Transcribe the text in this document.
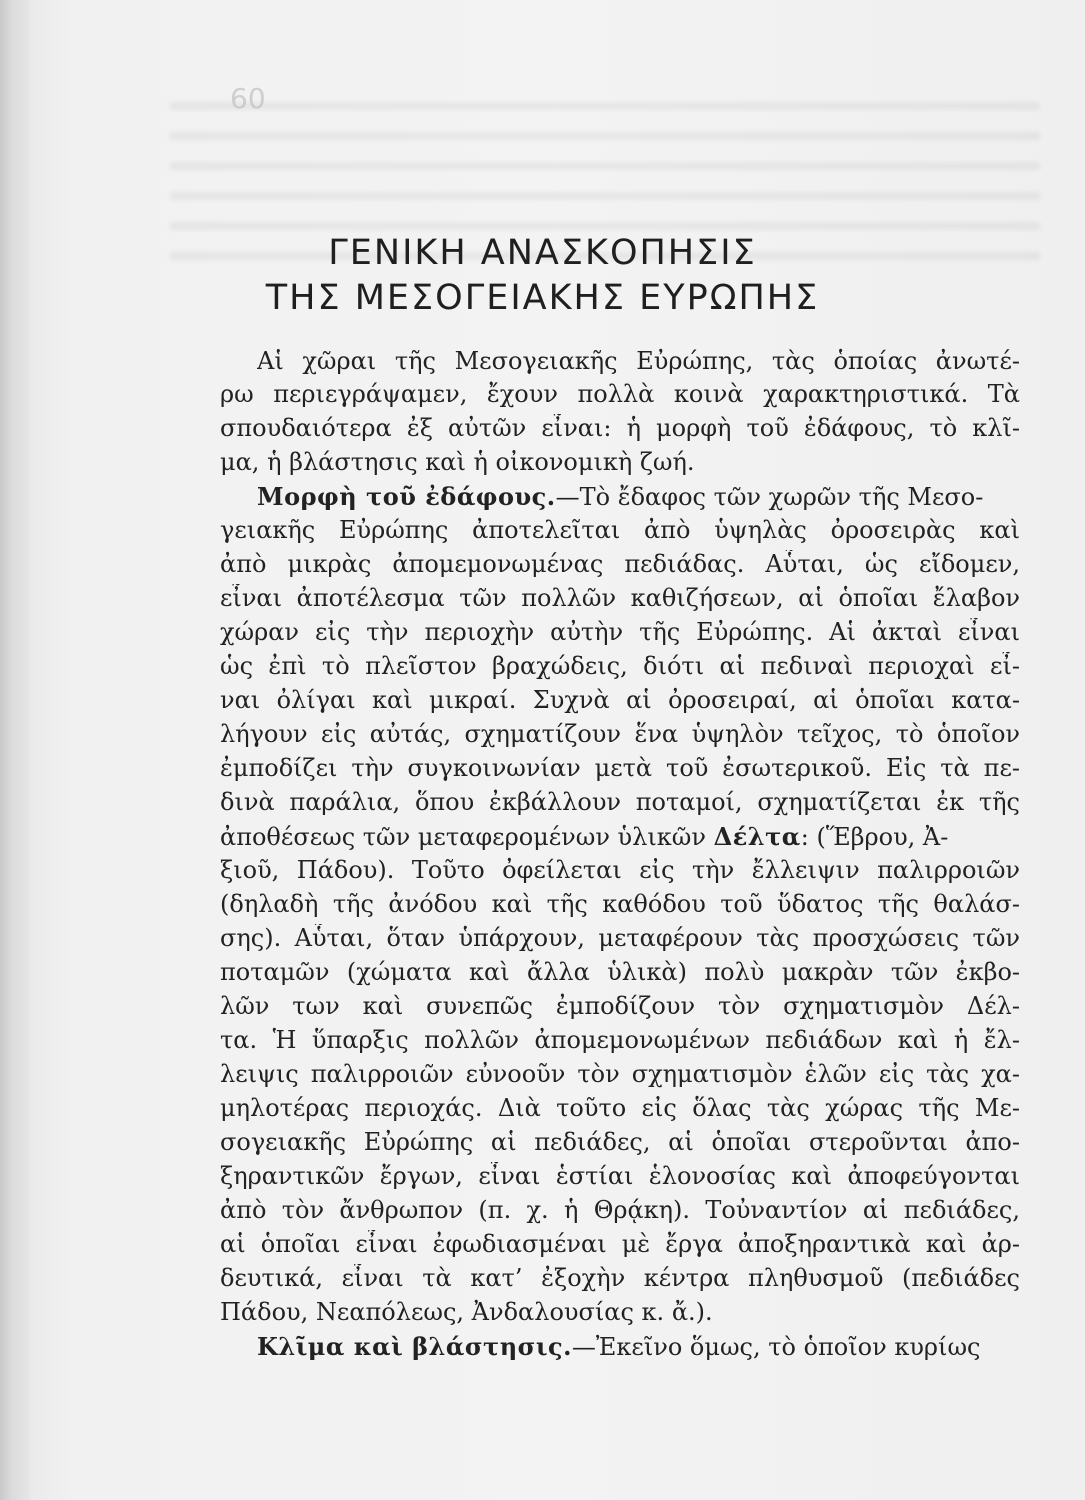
60
ΓΕΝΙΚΗ ΑΝΑΣΚΟΠΗΣΙΣ
ΤΗΣ ΜΕΣΟΓΕΙΑΚΗΣ ΕΥΡΩΠΗΣ
Αἱ χῶραι τῆς Μεσογειακῆς Εὐρώπης, τὰς ὁποίας ἀνωτέ-
ρω περιεγράψαμεν, ἔχουν πολλὰ κοινὰ χαρακτηριστικά. Τὰ
σπουδαιότερα ἐξ αὐτῶν εἶναι: ἡ μορφὴ τοῦ ἐδάφους, τὸ κλῖ-
μα, ἡ βλάστησις καὶ ἡ οἰκονομικὴ ζωή.
Μορφὴ τοῦ ἐδάφους.—Τὸ ἔδαφος τῶν χωρῶν τῆς Μεσο-
γειακῆς Εὐρώπης ἀποτελεῖται ἀπὸ ὑψηλὰς ὀροσειρὰς καὶ
ἀπὸ μικρὰς ἀπομεμονωμένας πεδιάδας. Αὗται, ὡς εἴδομεν,
εἶναι ἀποτέλεσμα τῶν πολλῶν καθιζήσεων, αἱ ὁποῖαι ἔλαβον
χώραν εἰς τὴν περιοχὴν αὐτὴν τῆς Εὐρώπης. Αἱ ἀκταὶ εἶναι
ὡς ἐπὶ τὸ πλεῖστον βραχώδεις, διότι αἱ πεδιναὶ περιοχαὶ εἶ-
ναι ὀλίγαι καὶ μικραί. Συχνὰ αἱ ὀροσειραί, αἱ ὁποῖαι κατα-
λήγουν εἰς αὐτάς, σχηματίζουν ἕνα ὑψηλὸν τεῖχος, τὸ ὁποῖον
ἐμποδίζει τὴν συγκοινωνίαν μετὰ τοῦ ἐσωτερικοῦ. Εἰς τὰ πε-
δινὰ παράλια, ὅπου ἐκβάλλουν ποταμοί, σχηματίζεται ἐκ τῆς
ἀποθέσεως τῶν μεταφερομένων ὑλικῶν Δέλτα: (Ἕβρου, Ἀ-
ξιοῦ, Πάδου). Τοῦτο ὀφείλεται εἰς τὴν ἔλλειψιν παλιρροιῶν
(δηλαδὴ τῆς ἀνόδου καὶ τῆς καθόδου τοῦ ὕδατος τῆς θαλάσ-
σης). Αὗται, ὅταν ὑπάρχουν, μεταφέρουν τὰς προσχώσεις τῶν
ποταμῶν (χώματα καὶ ἄλλα ὑλικὰ) πολὺ μακρὰν τῶν ἐκβο-
λῶν των καὶ συνεπῶς ἐμποδίζουν τὸν σχηματισμὸν Δέλ-
τα. Ἡ ὕπαρξις πολλῶν ἀπομεμονωμένων πεδιάδων καὶ ἡ ἔλ-
λειψις παλιρροιῶν εὐνοοῦν τὸν σχηματισμὸν ἑλῶν εἰς τὰς χα-
μηλοτέρας περιοχάς. Διὰ τοῦτο εἰς ὅλας τὰς χώρας τῆς Με-
σογειακῆς Εὐρώπης αἱ πεδιάδες, αἱ ὁποῖαι στεροῦνται ἀπο-
ξηραντικῶν ἔργων, εἶναι ἑστίαι ἑλονοσίας καὶ ἀποφεύγονται
ἀπὸ τὸν ἄνθρωπον (π. χ. ἡ Θρᾴκη). Τοὐναντίον αἱ πεδιάδες,
αἱ ὁποῖαι εἶναι ἐφωδιασμέναι μὲ ἔργα ἀποξηραντικὰ καὶ ἀρ-
δευτικά, εἶναι τὰ κατ’ ἐξοχὴν κέντρα πληθυσμοῦ (πεδιάδες
Πάδου, Νεαπόλεως, Ἀνδαλουσίας κ. ἄ.).
Κλῖμα καὶ βλάστησις.—Ἐκεῖνο ὅμως, τὸ ὁποῖον κυρίως
